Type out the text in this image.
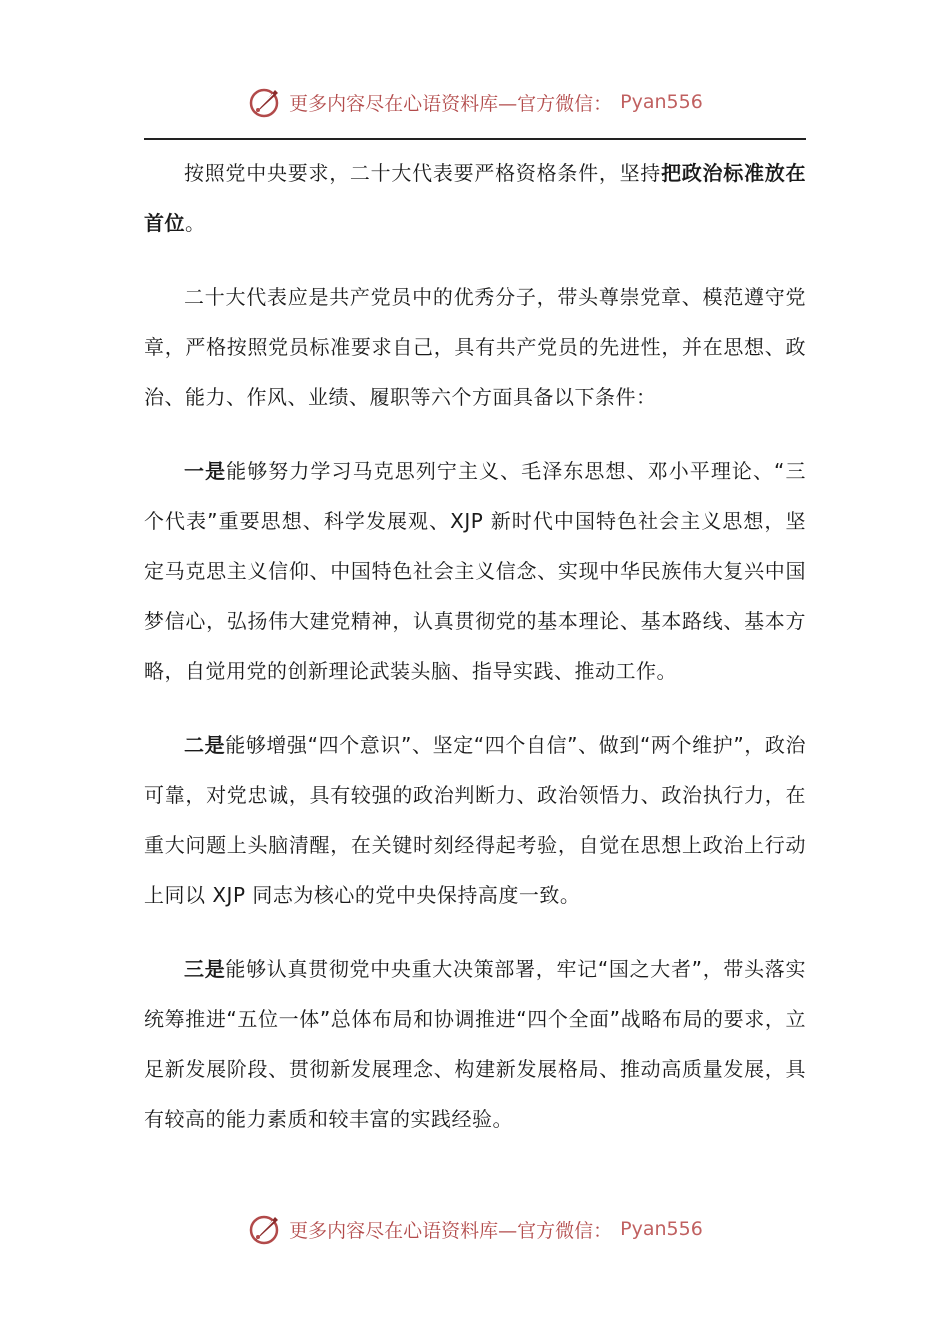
更多内容尽在心语资料库—官方微信： Pyan556

按照党中央要求，二十大代表要严格资格条件，坚持把政治标准放在首位。

二十大代表应是共产党员中的优秀分子，带头尊崇党章、模范遵守党章，严格按照党员标准要求自己，具有共产党员的先进性，并在思想、政治、能力、作风、业绩、履职等六个方面具备以下条件：

一是能够努力学习马克思列宁主义、毛泽东思想、邓小平理论、“三个代表”重要思想、科学发展观、XJP 新时代中国特色社会主义思想，坚定马克思主义信仰、中国特色社会主义信念、实现中华民族伟大复兴中国梦信心，弘扬伟大建党精神，认真贯彻党的基本理论、基本路线、基本方略，自觉用党的创新理论武装头脑、指导实践、推动工作。

二是能够增强“四个意识”、坚定“四个自信”、做到“两个维护”，政治可靠，对党忠诚，具有较强的政治判断力、政治领悟力、政治执行力，在重大问题上头脑清醒，在关键时刻经得起考验，自觉在思想上政治上行动上同以 XJP 同志为核心的党中央保持高度一致。

三是能够认真贯彻党中央重大决策部署，牢记“国之大者”，带头落实统筹推进“五位一体”总体布局和协调推进“四个全面”战略布局的要求，立足新发展阶段、贯彻新发展理念、构建新发展格局、推动高质量发展，具有较高的能力素质和较丰富的实践经验。

更多内容尽在心语资料库—官方微信： Pyan556
